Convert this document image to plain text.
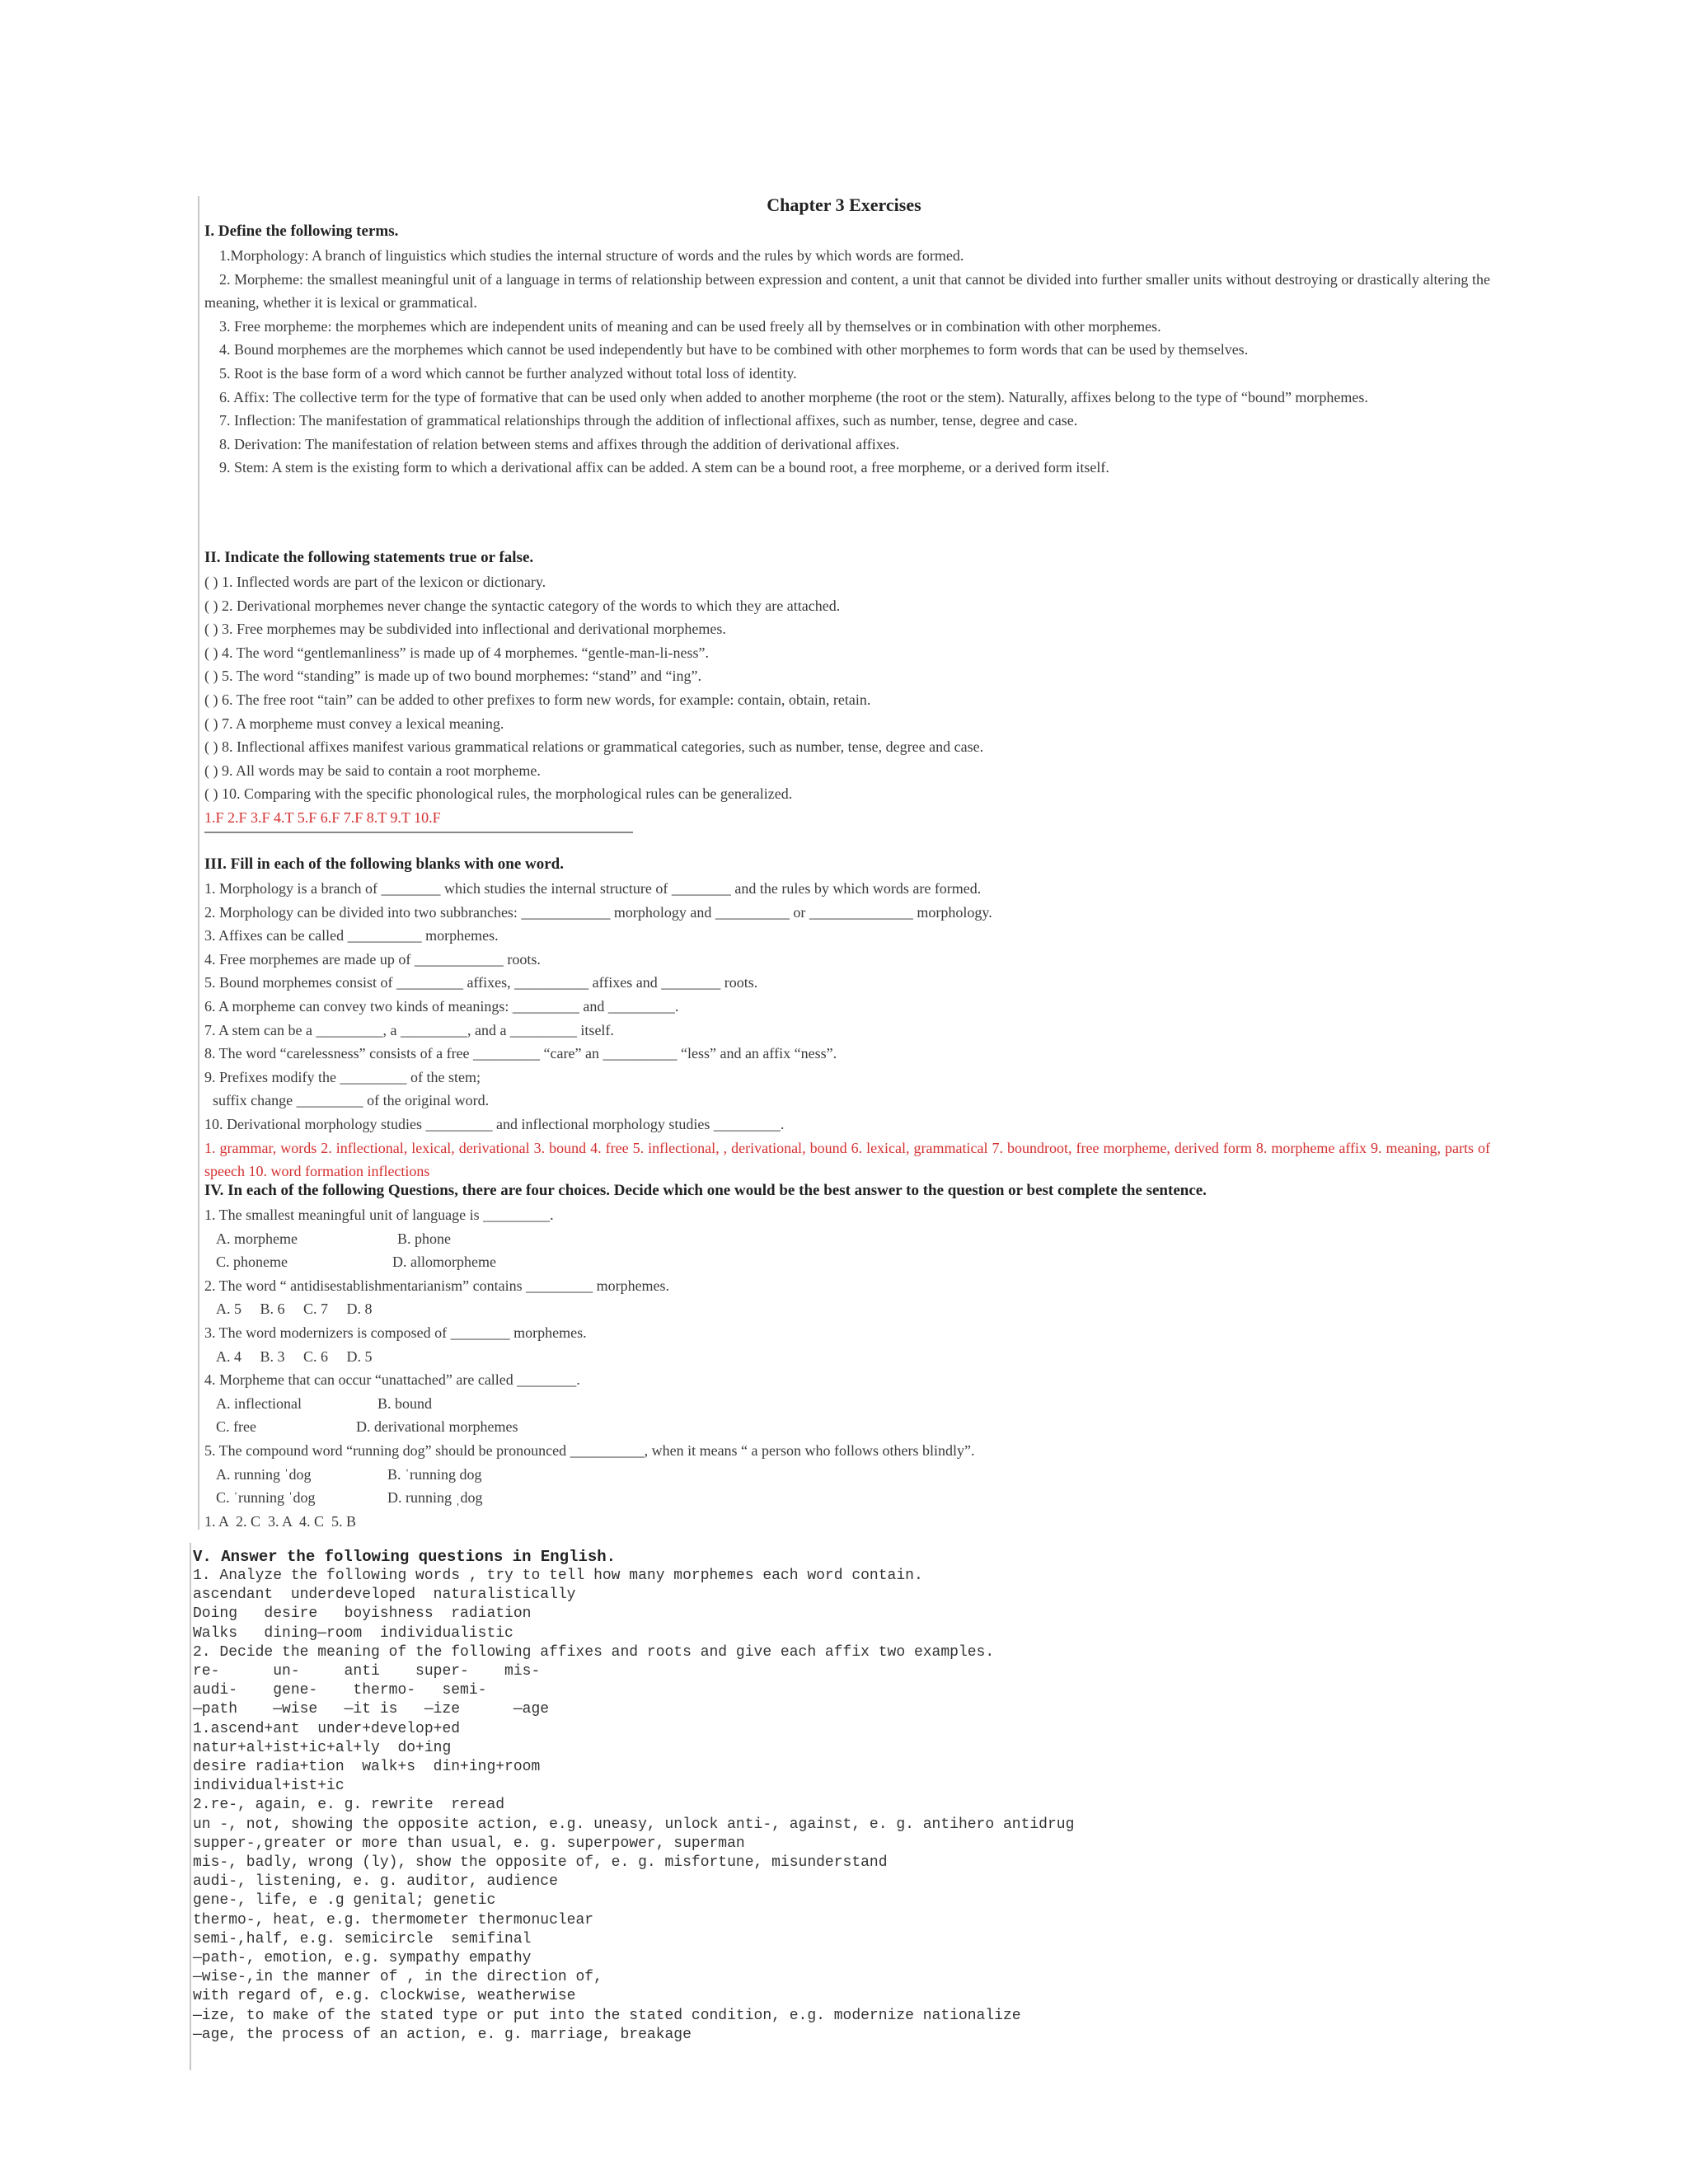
Chapter 3 Exercises
I. Define the following terms.
1.Morphology: A branch of linguistics which studies the internal structure of words and the rules by which words are formed.
2. Morpheme: the smallest meaningful unit of a language in terms of relationship between expression and content, a unit that cannot be divided into further smaller units without destroying or drastically altering the meaning, whether it is lexical or grammatical.
3. Free morpheme: the morphemes which are independent units of meaning and can be used freely all by themselves or in combination with other morphemes.
4. Bound morphemes are the morphemes which cannot be used independently but have to be combined with other morphemes to form words that can be used by themselves.
5. Root is the base form of a word which cannot be further analyzed without total loss of identity.
6. Affix: The collective term for the type of formative that can be used only when added to another morpheme (the root or the stem). Naturally, affixes belong to the type of “bound” morphemes.
7. Inflection: The manifestation of grammatical relationships through the addition of inflectional affixes, such as number, tense, degree and case.
8. Derivation: The manifestation of relation between stems and affixes through the addition of derivational affixes.
9. Stem: A stem is the existing form to which a derivational affix can be added. A stem can be a bound root, a free morpheme, or a derived form itself.
II. Indicate the following statements true or false.
( ) 1. Inflected words are part of the lexicon or dictionary.
( ) 2. Derivational morphemes never change the syntactic category of the words to which they are attached.
( ) 3. Free morphemes may be subdivided into inflectional and derivational morphemes.
( ) 4. The word “gentlemanliness” is made up of 4 morphemes. “gentle-man-li-ness”.
( ) 5. The word “standing” is made up of two bound morphemes: “stand” and “ing”.
( ) 6. The free root “tain” can be added to other prefixes to form new words, for example: contain, obtain, retain.
( ) 7. A morpheme must convey a lexical meaning.
( ) 8. Inflectional affixes manifest various grammatical relations or grammatical categories, such as number, tense, degree and case.
( ) 9. All words may be said to contain a root morpheme.
( ) 10. Comparing with the specific phonological rules, the morphological rules can be generalized.
1.F 2.F 3.F 4.T 5.F 6.F 7.F 8.T 9.T 10.F
III. Fill in each of the following blanks with one word.
1. Morphology is a branch of ________ which studies the internal structure of ________ and the rules by which words are formed.
2. Morphology can be divided into two subbranches: ____________ morphology and __________ or ______________ morphology.
3. Affixes can be called __________ morphemes.
4. Free morphemes are made up of ____________ roots.
5. Bound morphemes consist of _________ affixes, __________ affixes and ________ roots.
6. A morpheme can convey two kinds of meanings: _________ and _________.
7. A stem can be a _________, a _________, and a _________ itself.
8. The word “carelessness” consists of a free _________ “care” an __________ “less” and an affix “ness”.
9. Prefixes modify the _________ of the stem;
suffix change _________ of the original word.
10. Derivational morphology studies _________ and inflectional morphology studies _________.
1. grammar, words 2. inflectional, lexical, derivational 3. bound 4. free 5. inflectional, , derivational, bound 6. lexical, grammatical 7. boundroot, free morpheme, derived form 8. morpheme affix 9. meaning, parts of speech 10. word formation inflections
IV. In each of the following Questions, there are four choices. Decide which one would be the best answer to the question or best complete the sentence.
1. The smallest meaningful unit of language is _________.
A. morpheme	B. phone
C. phoneme	D. allomorpheme
2. The word “ antidisestablishmentarianism” contains _________ morphemes.
A. 5     B. 6     C. 7     D. 8
3. The word modernizers is composed of ________ morphemes.
A. 4     B. 3     C. 6     D. 5
4. Morpheme that can occur “unattached” are called ________.
A. inflectional	B. bound
C. free	D. derivational morphemes
5. The compound word “running dog” should be pronounced __________, when it means “ a person who follows others blindly”.
A. running ˈdog	B. ˈrunning dog
C. ˈrunning ˈdog	D. running ˌdog
1. A  2. C  3. A  4. C  5. B
V. Answer the following questions in English.
1. Analyze the following words , try to tell how many morphemes each word contain.
ascendant  underdeveloped  naturalistically
Doing   desire   boyishness  radiation
Walks   dining—room  individualistic
2. Decide the meaning of the following affixes and roots and give each affix two examples.
re-      un-     anti    super-    mis-
audi-    gene-    thermo-   semi-
—path    —wise   —it is   —ize      —age
1.ascend+ant  under+develop+ed
natur+al+ist+ic+al+ly  do+ing
desire radia+tion  walk+s  din+ing+room
individual+ist+ic
2.re-, again, e. g. rewrite  reread
un -, not, showing the opposite action, e.g. uneasy, unlock anti-, against, e. g. antihero antidrug
supper-,greater or more than usual, e. g. superpower, superman
mis-, badly, wrong (ly), show the opposite of, e. g. misfortune, misunderstand
audi-, listening, e. g. auditor, audience
gene-, life, e .g genital; genetic
thermo-, heat, e.g. thermometer thermonuclear
semi-,half, e.g. semicircle  semifinal
—path-, emotion, e.g. sympathy empathy
—wise-,in the manner of , in the direction of,
with regard of, e.g. clockwise, weatherwise
—ize, to make of the stated type or put into the stated condition, e.g. modernize nationalize
—age, the process of an action, e. g. marriage, breakage
